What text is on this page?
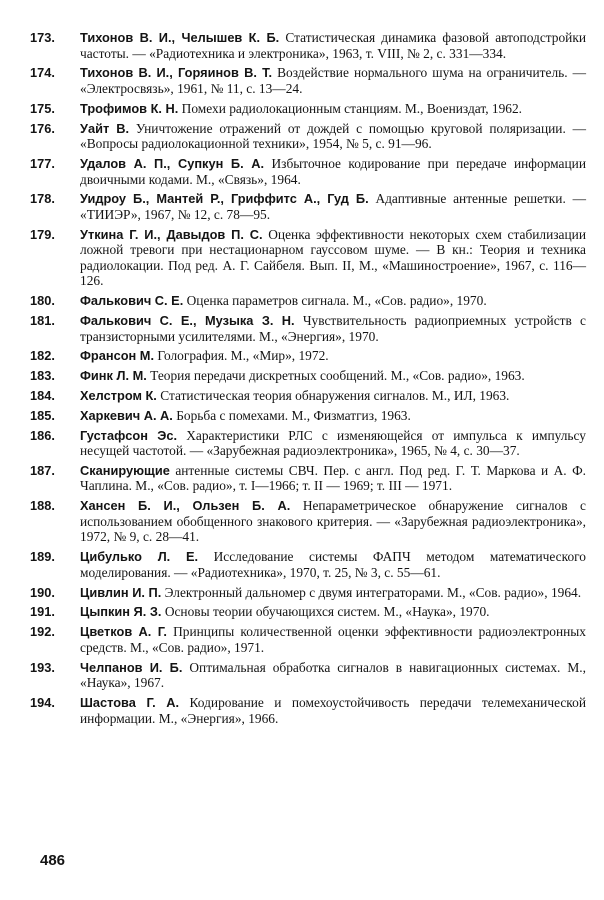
173.	Тихонов В. И., Челышев К. Б. Статистическая динамика фазовой автоподстройки частоты. — «Радиотехника и электроника», 1963, т. VIII, № 2, с. 331—334.
174.	Тихонов В. И., Горяинов В. Т. Воздействие нормального шума на ограничитель. — «Электросвязь», 1961, № 11, с. 13—24.
175.	Трофимов К. Н. Помехи радиолокационным станциям. М., Воениздат, 1962.
176.	Уайт В. Уничтожение отражений от дождей с помощью круговой поляризации. — «Вопросы радиолокационной техники», 1954, № 5, с. 91—96.
177.	Удалов А. П., Супкун Б. А. Избыточное кодирование при передаче информации двоичными кодами. М., «Связь», 1964.
178.	Уидроу Б., Мантей Р., Гриффитс А., Гуд Б. Адаптивные антенные решетки. — «ТИИЭР», 1967, № 12, с. 78—95.
179.	Уткина Г. И., Давыдов П. С. Оценка эффективности некоторых схем стабилизации ложной тревоги при нестационарном гауссовом шуме. — В кн.: Теория и техника радиолокации. Под ред. А. Г. Сайбеля. Вып. II, М., «Машиностроение», 1967, с. 116—126.
180.	Фалькович С. Е. Оценка параметров сигнала. М., «Сов. радио», 1970.
181.	Фалькович С. Е., Музыка З. Н. Чувствительность радиоприемных устройств с транзисторными усилителями. М., «Энергия», 1970.
182.	Франсон М. Голография. М., «Мир», 1972.
183.	Финк Л. М. Теория передачи дискретных сообщений. М., «Сов. радио», 1963.
184.	Хелстром К. Статистическая теория обнаружения сигналов. М., ИЛ, 1963.
185.	Харкевич А. А. Борьба с помехами. М., Физматгиз, 1963.
186.	Густафсон Эс. Характеристики РЛС с изменяющейся от импульса к импульсу несущей частотой. — «Зарубежная радиоэлектроника», 1965, № 4, с. 30—37.
187.	Сканирующие антенные системы СВЧ. Пер. с англ. Под ред. Г. Т. Маркова и А. Ф. Чаплина. М., «Сов. радио», т. I—1966; т. II — 1969; т. III — 1971.
188.	Хансен Б. И., Ользен Б. А. Непараметрическое обнаружение сигналов с использованием обобщенного знакового критерия. — «Зарубежная радиоэлектроника», 1972, № 9, с. 28—41.
189.	Цибулько Л. Е. Исследование системы ФАПЧ методом математического моделирования. — «Радиотехника», 1970, т. 25, № 3, с. 55—61.
190.	Цивлин И. П. Электронный дальномер с двумя интеграторами. М., «Сов. радио», 1964.
191.	Цыпкин Я. З. Основы теории обучающихся систем. М., «Наука», 1970.
192.	Цветков А. Г. Принципы количественной оценки эффективности радиоэлектронных средств. М., «Сов. радио», 1971.
193.	Челпанов И. Б. Оптимальная обработка сигналов в навигационных системах. М., «Наука», 1967.
194.	Шастова Г. А. Кодирование и помехоустойчивость передачи телемеханической информации. М., «Энергия», 1966.
486
